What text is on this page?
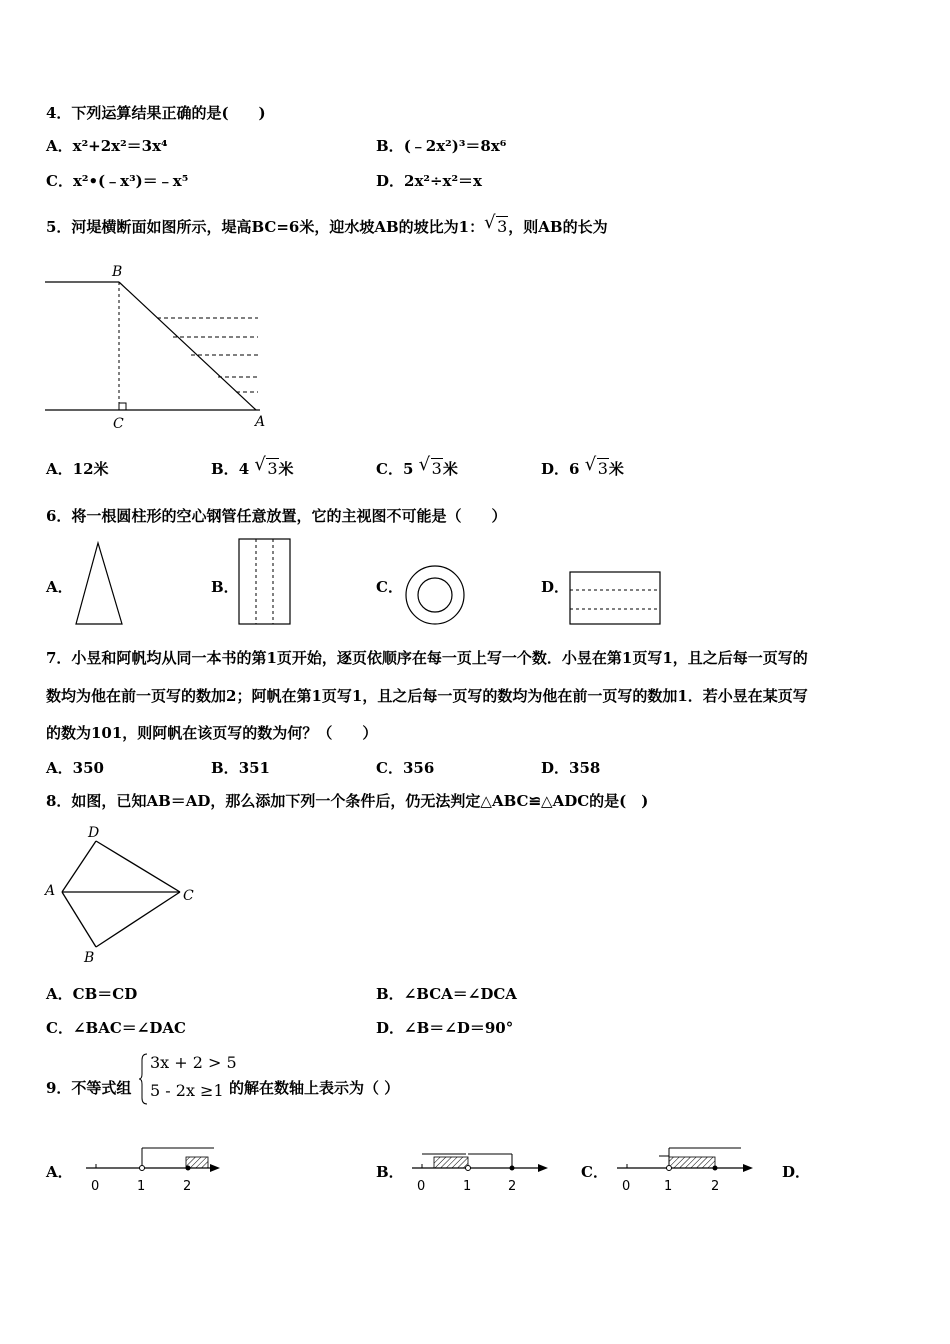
4．下列运算结果正确的是(　　)
A．x²+2x²＝3x⁴	B．(﹣2x²)³＝8x⁶
C．x²•(﹣x³)＝﹣x⁵	D．2x²÷x²＝x
5．河堤横断面如图所示，堤高BC=6米，迎水坡AB的坡比为1： √ 3，则AB的长为
B
C	A
A．12米	B．4 √ 3米	C．5 √ 3米	D．6 √ 3米
6．将一根圆柱形的空心钢管任意放置，它的主视图不可能是（　　）
A．	B．	C．	D．
7．小昱和阿帆均从同一本书的第1页开始，逐页依顺序在每一页上写一个数．小昱在第1页写1，且之后每一页写的
数均为他在前一页写的数加2；阿帆在第1页写1，且之后每一页写的数均为他在前一页写的数加1．若小昱在某页写
的数为101，则阿帆在该页写的数为何？（　　）
A．350	B．351	C．356	D．358
8．如图，已知AB＝AD，那么添加下列一个条件后，仍无法判定△ABC≌△ADC的是(　)
D
A	C
B
A．CB＝CD	B．∠BCA＝∠DCA
C．∠BAC＝∠DAC	D．∠B＝∠D＝90°
9．不等式组
3x + 2 > 5
5 - 2x ≥1 的解在数轴上表示为（ ）
A．
0	1	2
B．
0	1	2
C．
0	1	2
D．
